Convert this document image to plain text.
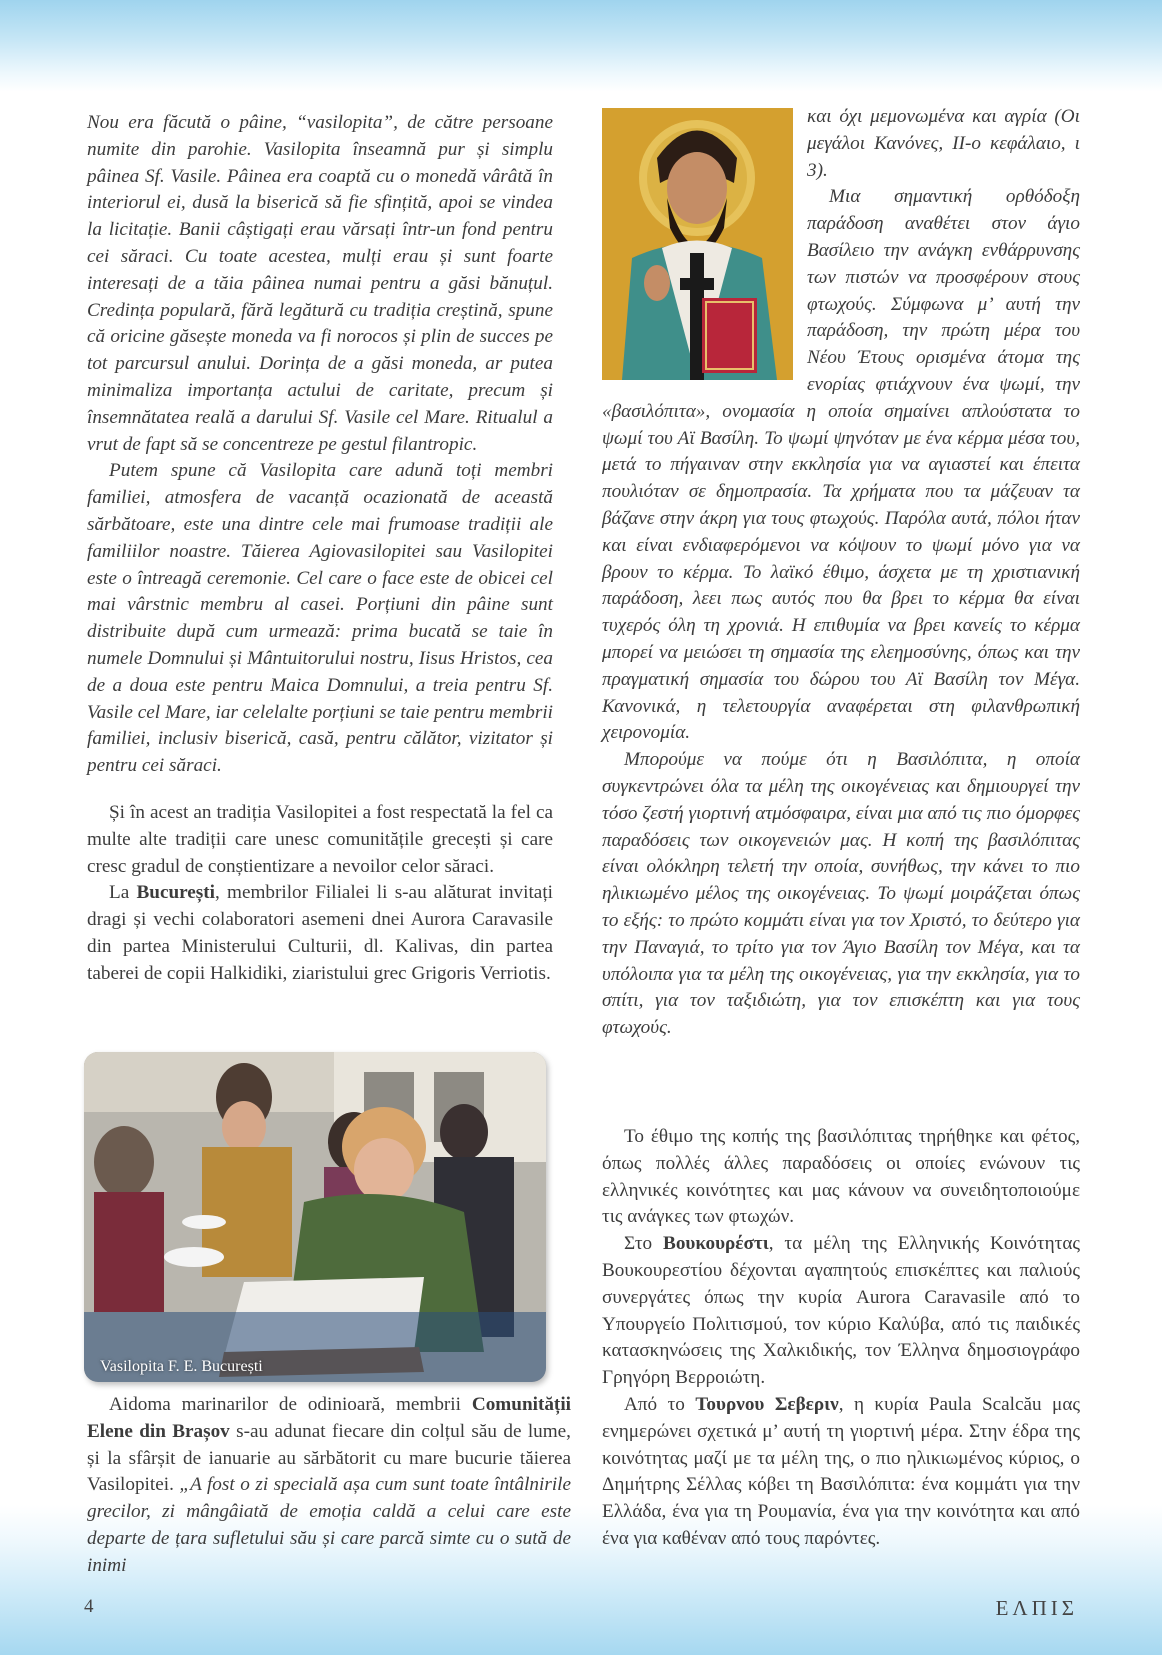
Nou era făcută o pâine, “vasilopita”, de către persoane numite din parohie. Vasilopita înseamnă pur și simplu pâinea Sf. Vasile. Pâinea era coaptă cu o monedă vârâtă în interiorul ei, dusă la biserică să fie sfințită, apoi se vindea la licitație. Banii câștigați erau vărsați într-un fond pentru cei săraci. Cu toate acestea, mulți erau și sunt foarte interesați de a tăia pâinea numai pentru a găsi bănuțul. Credința populară, fără legătură cu tradiția creștină, spune că oricine găsește moneda va fi norocos și plin de succes pe tot parcursul anului. Dorința de a găsi moneda, ar putea minimaliza importanța actului de caritate, precum și însemnătatea reală a darului Sf. Vasile cel Mare. Ritualul a vrut de fapt să se concentreze pe gestul filantropic.

Putem spune că Vasilopita care adună toți membri familiei, atmosfera de vacanță ocazionată de această sărbătoare, este una dintre cele mai frumoase tradiții ale familiilor noastre. Tăierea Agiovasilopitei sau Vasilopitei este o întreagă ceremonie. Cel care o face este de obicei cel mai vârstnic membru al casei. Porțiuni din pâine sunt distribuite după cum urmează: prima bucată se taie în numele Domnului și Mântuitorului nostru, Iisus Hristos, cea de a doua este pentru Maica Domnului, a treia pentru Sf. Vasile cel Mare, iar celelalte porțiuni se taie pentru membrii familiei, inclusiv biserică, casă, pentru călător, vizitator și pentru cei săraci.

Și în acest an tradiția Vasilopitei a fost respectată la fel ca multe alte tradiții care unesc comunitățile grecești și care cresc gradul de conștientizare a nevoilor celor săraci.

La București, membrilor Filialei li s-au alăturat invitați dragi și vechi colaboratori asemeni dnei Aurora Caravasile din partea Ministerului Culturii, dl. Kalivas, din partea taberei de copii Halkidiki, ziaristului grec Grigoris Verriotis.

Vasilopita F. E. București

Aidoma marinarilor de odinioară, membrii Comunității Elene din Brașov s-au adunat fiecare din colțul său de lume, și la sfârșit de ianuarie au sărbătorit cu mare bucurie tăierea Vasilopitei. „A fost o zi specială așa cum sunt toate întâlnirile grecilor, zi mângâiată de emoția caldă a celui care este departe de țara sufletului său și care parcă simte cu o sută de inimi

και όχι μεμονωμένα και αγρία (Οι μεγάλοι Κανόνες, ΙΙ-ο κεφάλαιο, ι 3).

Μια σημαντική ορθόδοξη παράδοση αναθέτει στον άγιο Βασίλειο την ανάγκη ενθάρρυνσης των πιστών να προσφέρουν στους φτωχούς. Σύμφωνα μ’ αυτή την παράδοση, την πρώτη μέρα του Νέου Έτους ορισμένα άτομα της ενορίας φτιάχνουν ένα ψωμί, την «βασιλόπιτα», ονομασία η οποία σημαίνει απλούστατα το ψωμί του Αϊ Βασίλη. Το ψωμί ψηνόταν με ένα κέρμα μέσα του, μετά το πήγαιναν στην εκκλησία για να αγιαστεί και έπειτα πουλιόταν σε δημοπρασία. Τα χρήματα που τα μάζευαν τα βάζανε στην άκρη για τους φτωχούς. Παρόλα αυτά, πόλοι ήταν και είναι ενδιαφερόμενοι να κόψουν το ψωμί μόνο για να βρουν το κέρμα. Το λαϊκό έθιμο, άσχετα με τη χριστιανική παράδοση, λεει πως αυτός που θα βρει το κέρμα θα είναι τυχερός όλη τη χρονιά. Η επιθυμία να βρει κανείς το κέρμα μπορεί να μειώσει τη σημασία της ελεημοσύνης, όπως και την πραγματική σημασία του δώρου του Αϊ Βασίλη τον Μέγα. Κανονικά, η τελετουργία αναφέρεται στη φιλανθρωπική χειρονομία.

Μπορούμε να πούμε ότι η Βασιλόπιτα, η οποία συγκεντρώνει όλα τα μέλη της οικογένειας και δημιουργεί την τόσο ζεστή γιορτινή ατμόσφαιρα, είναι μια από τις πιο όμορφες παραδόσεις των οικογενειών μας. Η κοπή της βασιλόπιτας είναι ολόκληρη τελετή την οποία, συνήθως, την κάνει το πιο ηλικιωμένο μέλος της οικογένειας. Το ψωμί μοιράζεται όπως το εξής: το πρώτο κομμάτι είναι για τον Χριστό, το δεύτερο για την Παναγιά, το τρίτο για τον Άγιο Βασίλη τον Μέγα, και τα υπόλοιπα για τα μέλη της οικογένειας, για την εκκλησία, για το σπίτι, για τον ταξιδιώτη, για τον επισκέπτη και για τους φτωχούς.

Το έθιμο της κοπής της βασιλόπιτας τηρήθηκε και φέτος, όπως πολλές άλλες παραδόσεις οι οποίες ενώνουν τις ελληνικές κοινότητες και μας κάνουν να συνειδητοποιούμε τις ανάγκες των φτωχών.

Στο Βουκουρέστι, τα μέλη της Ελληνικής Κοινότητας Βουκουρεστίου δέχονται αγαπητούς επισκέπτες και παλιούς συνεργάτες όπως την κυρία Aurora Caravasile από το Υπουργείο Πολιτισμού, τον κύριο Καλύβα, από τις παιδικές κατασκηνώσεις της Χαλκιδικής, τον Έλληνα δημοσιογράφο Γρηγόρη Βερροιώτη.

Από το Τουρνου Σεβεριν, η κυρία Paula Scalcău μας ενημερώνει σχετικά μ’ αυτή τη γιορτινή μέρα. Στην έδρα της κοινότητας μαζί με τα μέλη της, ο πιο ηλικιωμένος κύριος, ο Δημήτρης Σέλλας κόβει τη Βασιλόπιτα: ένα κομμάτι για την Ελλάδα, ένα για τη Ρουμανία, ένα για την κοινότητα και από ένα για καθέναν από τους παρόντες.

4	ΕΛΠΙΣ
